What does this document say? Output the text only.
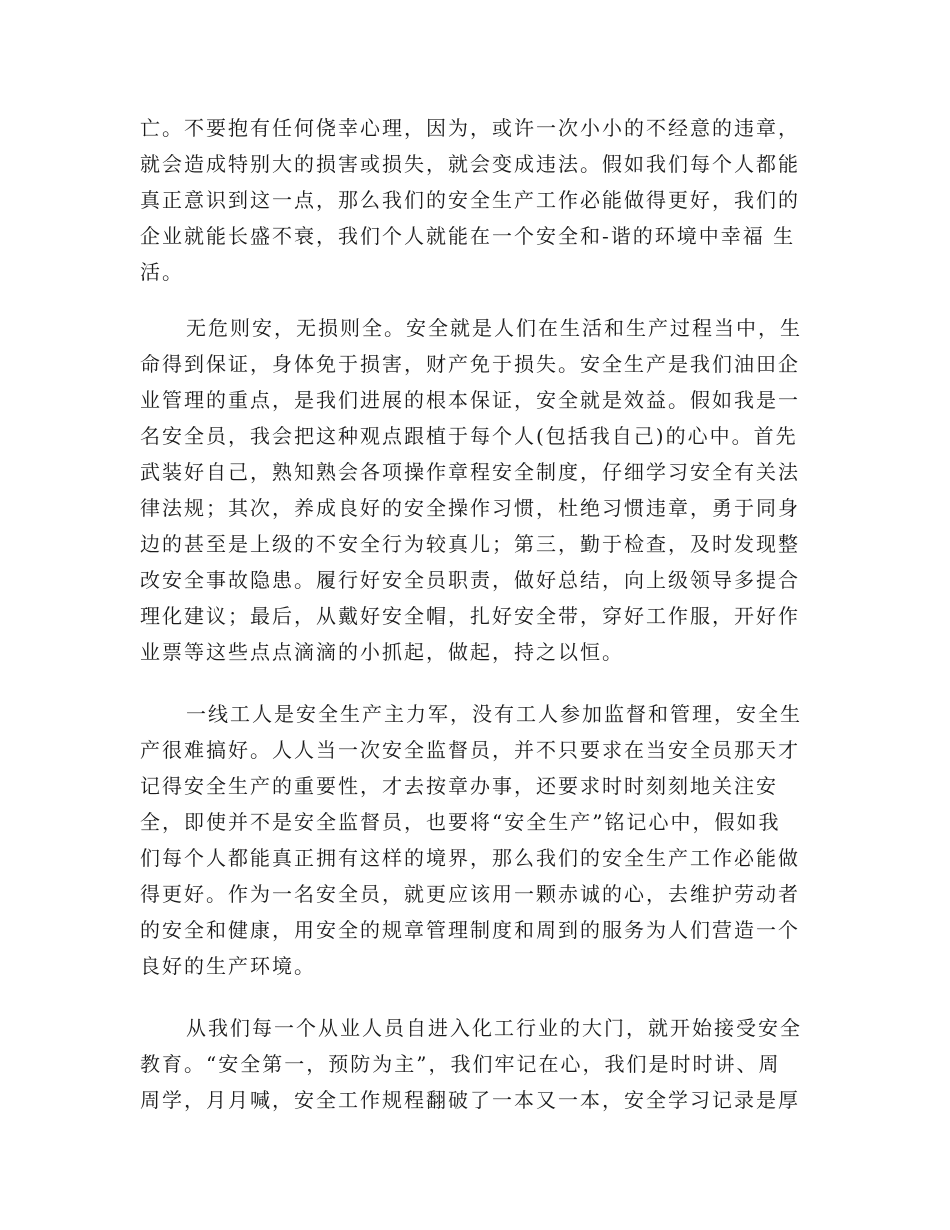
亡。不要抱有任何侥幸心理，因为，或许一次小小的不经意的违章，
就会造成特别大的损害或损失，就会变成违法。假如我们每个人都能
真正意识到这一点，那么我们的安全生产工作必能做得更好，我们的
企业就能长盛不衰，我们个人就能在一个安全和-谐的环境中幸福 生
活。
无危则安，无损则全。安全就是人们在生活和生产过程当中，生
命得到保证，身体免于损害，财产免于损失。安全生产是我们油田企
业管理的重点，是我们进展的根本保证，安全就是效益。假如我是一
名安全员，我会把这种观点跟植于每个人(包括我自己)的心中。首先
武装好自己，熟知熟会各项操作章程安全制度，仔细学习安全有关法
律法规；其次，养成良好的安全操作习惯，杜绝习惯违章，勇于同身
边的甚至是上级的不安全行为较真儿；第三，勤于检查，及时发现整
改安全事故隐患。履行好安全员职责，做好总结，向上级领导多提合
理化建议；最后，从戴好安全帽，扎好安全带，穿好工作服，开好作
业票等这些点点滴滴的小抓起，做起，持之以恒。
一线工人是安全生产主力军，没有工人参加监督和管理，安全生
产很难搞好。人人当一次安全监督员，并不只要求在当安全员那天才
记得安全生产的重要性，才去按章办事，还要求时时刻刻地关注安
全，即使并不是安全监督员，也要将“安全生产”铭记心中，假如我
们每个人都能真正拥有这样的境界，那么我们的安全生产工作必能做
得更好。作为一名安全员，就更应该用一颗赤诚的心，去维护劳动者
的安全和健康，用安全的规章管理制度和周到的服务为人们营造一个
良好的生产环境。
从我们每一个从业人员自进入化工行业的大门，就开始接受安全
教育。“安全第一，预防为主”，我们牢记在心，我们是时时讲、周
周学，月月喊，安全工作规程翻破了一本又一本，安全学习记录是厚
